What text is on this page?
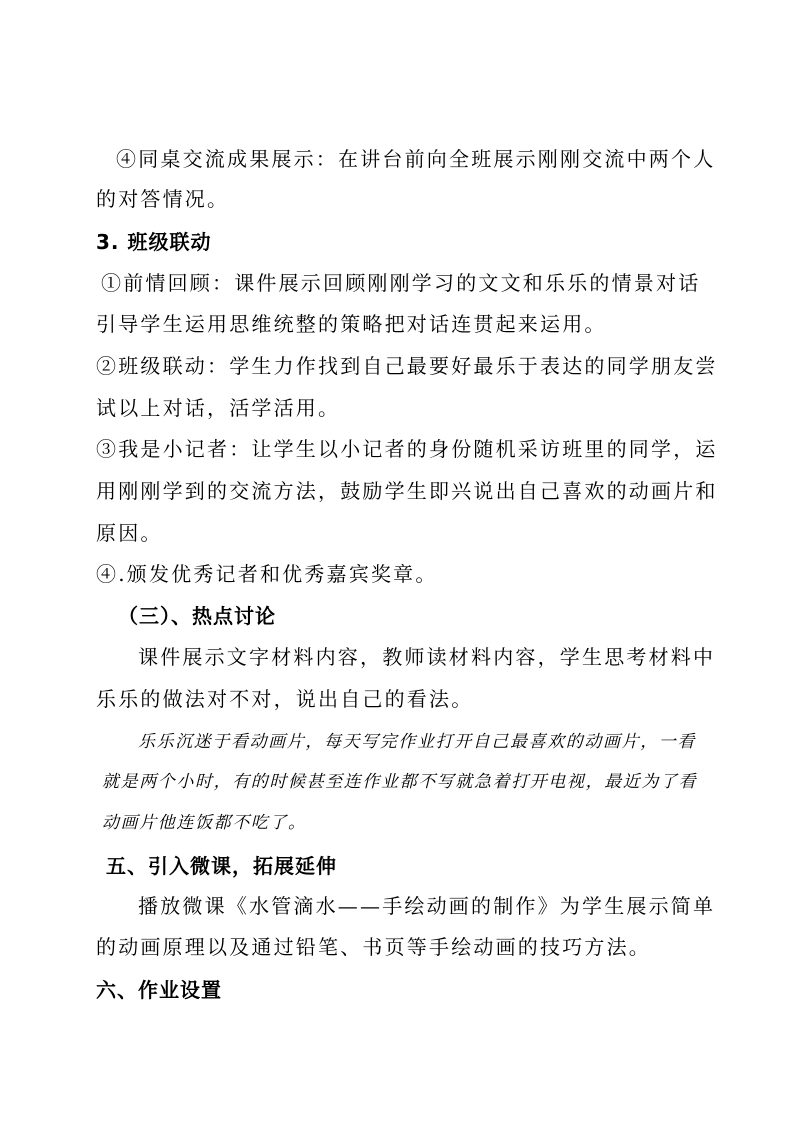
④同桌交流成果展示：在讲台前向全班展示刚刚交流中两个人
的对答情况。
3. 班级联动
①前情回顾：课件展示回顾刚刚学习的文文和乐乐的情景对话
引导学生运用思维统整的策略把对话连贯起来运用。
②班级联动：学生力作找到自己最要好最乐于表达的同学朋友尝
试以上对话，活学活用。
③我是小记者：让学生以小记者的身份随机采访班里的同学，运
用刚刚学到的交流方法，鼓励学生即兴说出自己喜欢的动画片和
原因。
④.颁发优秀记者和优秀嘉宾奖章。
（三）、热点讨论
课件展示文字材料内容，教师读材料内容，学生思考材料中
乐乐的做法对不对，说出自己的看法。
乐乐沉迷于看动画片，每天写完作业打开自己最喜欢的动画片，一看
就是两个小时，有的时候甚至连作业都不写就急着打开电视，最近为了看
动画片他连饭都不吃了。
五、引入微课，拓展延伸
播放微课《水管滴水——手绘动画的制作》为学生展示简单
的动画原理以及通过铅笔、书页等手绘动画的技巧方法。
六、作业设置
